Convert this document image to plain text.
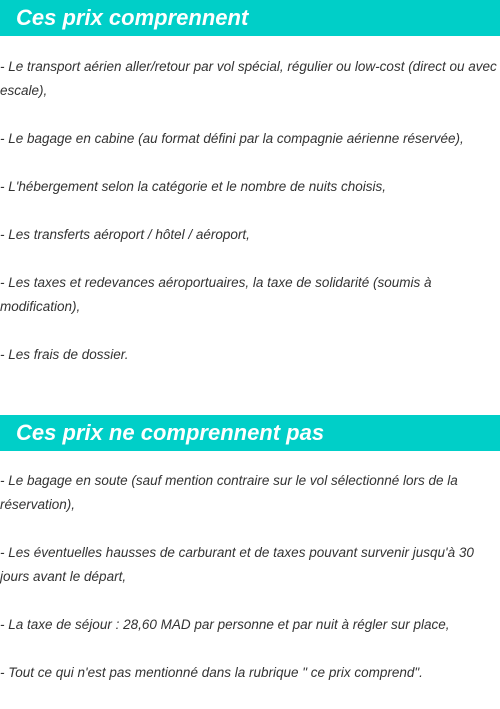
Ces prix comprennent
- Le transport aérien aller/retour par vol spécial, régulier ou low-cost (direct ou avec escale),
- Le bagage en cabine (au format défini par la compagnie aérienne réservée),
- L'hébergement selon la catégorie et le nombre de nuits choisis,
- Les transferts aéroport / hôtel / aéroport,
- Les taxes et redevances aéroportuaires, la taxe de solidarité (soumis à modification),
- Les frais de dossier.
Ces prix ne comprennent pas
- Le bagage en soute (sauf mention contraire sur le vol sélectionné lors de la réservation),
- Les éventuelles hausses de carburant et de taxes pouvant survenir jusqu'à 30 jours avant le départ,
- La taxe de séjour : 28,60 MAD par personne et par nuit à régler sur place,
- Tout ce qui n'est pas mentionné dans la rubrique " ce prix comprend".
